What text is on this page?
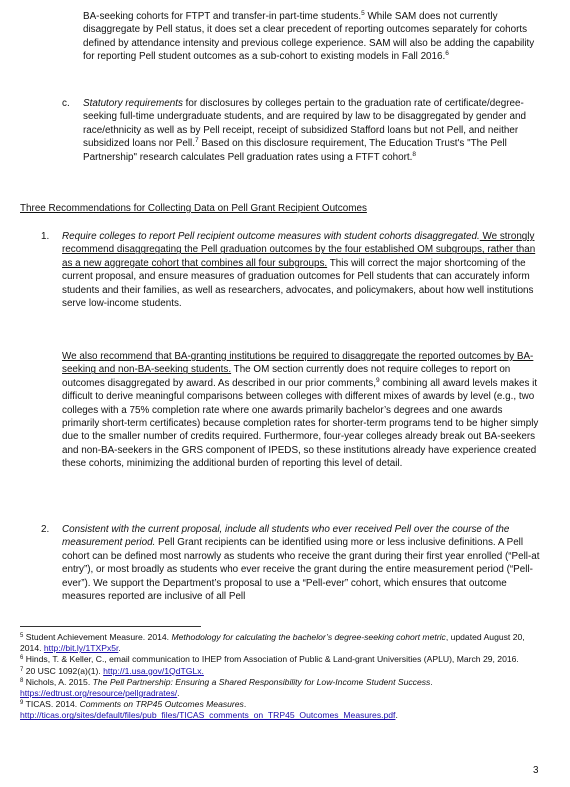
BA-seeking cohorts for FTPT and transfer-in part-time students.$^5$ While SAM does not currently disaggregate by Pell status, it does set a clear precedent of reporting outcomes separately for cohorts defined by attendance intensity and previous college experience. SAM will also be adding the capability for reporting Pell student outcomes as a sub-cohort to existing models in Fall 2016.$^6$

c. Statutory requirements for disclosures by colleges pertain to the graduation rate of certificate/degree-seeking full-time undergraduate students, and are required by law to be disaggregated by gender and race/ethnicity as well as by Pell receipt, receipt of subsidized Stafford loans but not Pell, and neither subsidized loans nor Pell.$^7$ Based on this disclosure requirement, The Education Trust's "The Pell Partnership" research calculates Pell graduation rates using a FTFT cohort.$^8$

Three Recommendations for Collecting Data on Pell Grant Recipient Outcomes

1. Require colleges to report Pell recipient outcome measures with student cohorts disaggregated. We strongly recommend disaggregating the Pell graduation outcomes by the four established OM subgroups, rather than as a new aggregate cohort that combines all four subgroups. This will correct the major shortcoming of the current proposal, and ensure measures of graduation outcomes for Pell students that can accurately inform students and their families, as well as researchers, advocates, and policymakers, about how well institutions serve low-income students.

We also recommend that BA-granting institutions be required to disaggregate the reported outcomes by BA-seeking and non-BA-seeking students. The OM section currently does not require colleges to report on outcomes disaggregated by award. As described in our prior comments,$^9$ combining all award levels makes it difficult to derive meaningful comparisons between colleges with different mixes of awards by level (e.g., two colleges with a 75% completion rate where one awards primarily bachelor’s degrees and one awards primarily short-term certificates) because completion rates for shorter-term programs tend to be higher simply due to the smaller number of credits required. Furthermore, four-year colleges already break out BA-seekers and non-BA-seekers in the GRS component of IPEDS, so these institutions already have experience created these cohorts, minimizing the additional burden of reporting this level of detail.

2. Consistent with the current proposal, include all students who ever received Pell over the course of the measurement period. Pell Grant recipients can be identified using more or less inclusive definitions. A Pell cohort can be defined most narrowly as students who receive the grant during their first year enrolled (“Pell-at entry”), or most broadly as students who ever receive the grant during the entire measurement period (“Pell-ever”). We support the Department’s proposal to use a “Pell-ever” cohort, which ensures that outcome measures reported are inclusive of all Pell

$^5$ Student Achievement Measure. 2014. Methodology for calculating the bachelor’s degree-seeking cohort metric, updated August 20, 2014. http://bit.ly/1TXPx5r.

$^6$ Hinds, T. & Keller, C., email communication to IHEP from Association of Public & Land-grant Universities (APLU), March 29, 2016.

$^7$ 20 USC 1092(a)(1). http://1.usa.gov/1QdTGLx.

$^8$ Nichols, A. 2015. The Pell Partnership: Ensuring a Shared Responsibility for Low-Income Student Success.
https://edtrust.org/resource/pellgradrates/.

$^9$ TICAS. 2014. Comments on TRP45 Outcomes Measures.
http://ticas.org/sites/default/files/pub_files/TICAS_comments_on_TRP45_Outcomes_Measures.pdf.

3
